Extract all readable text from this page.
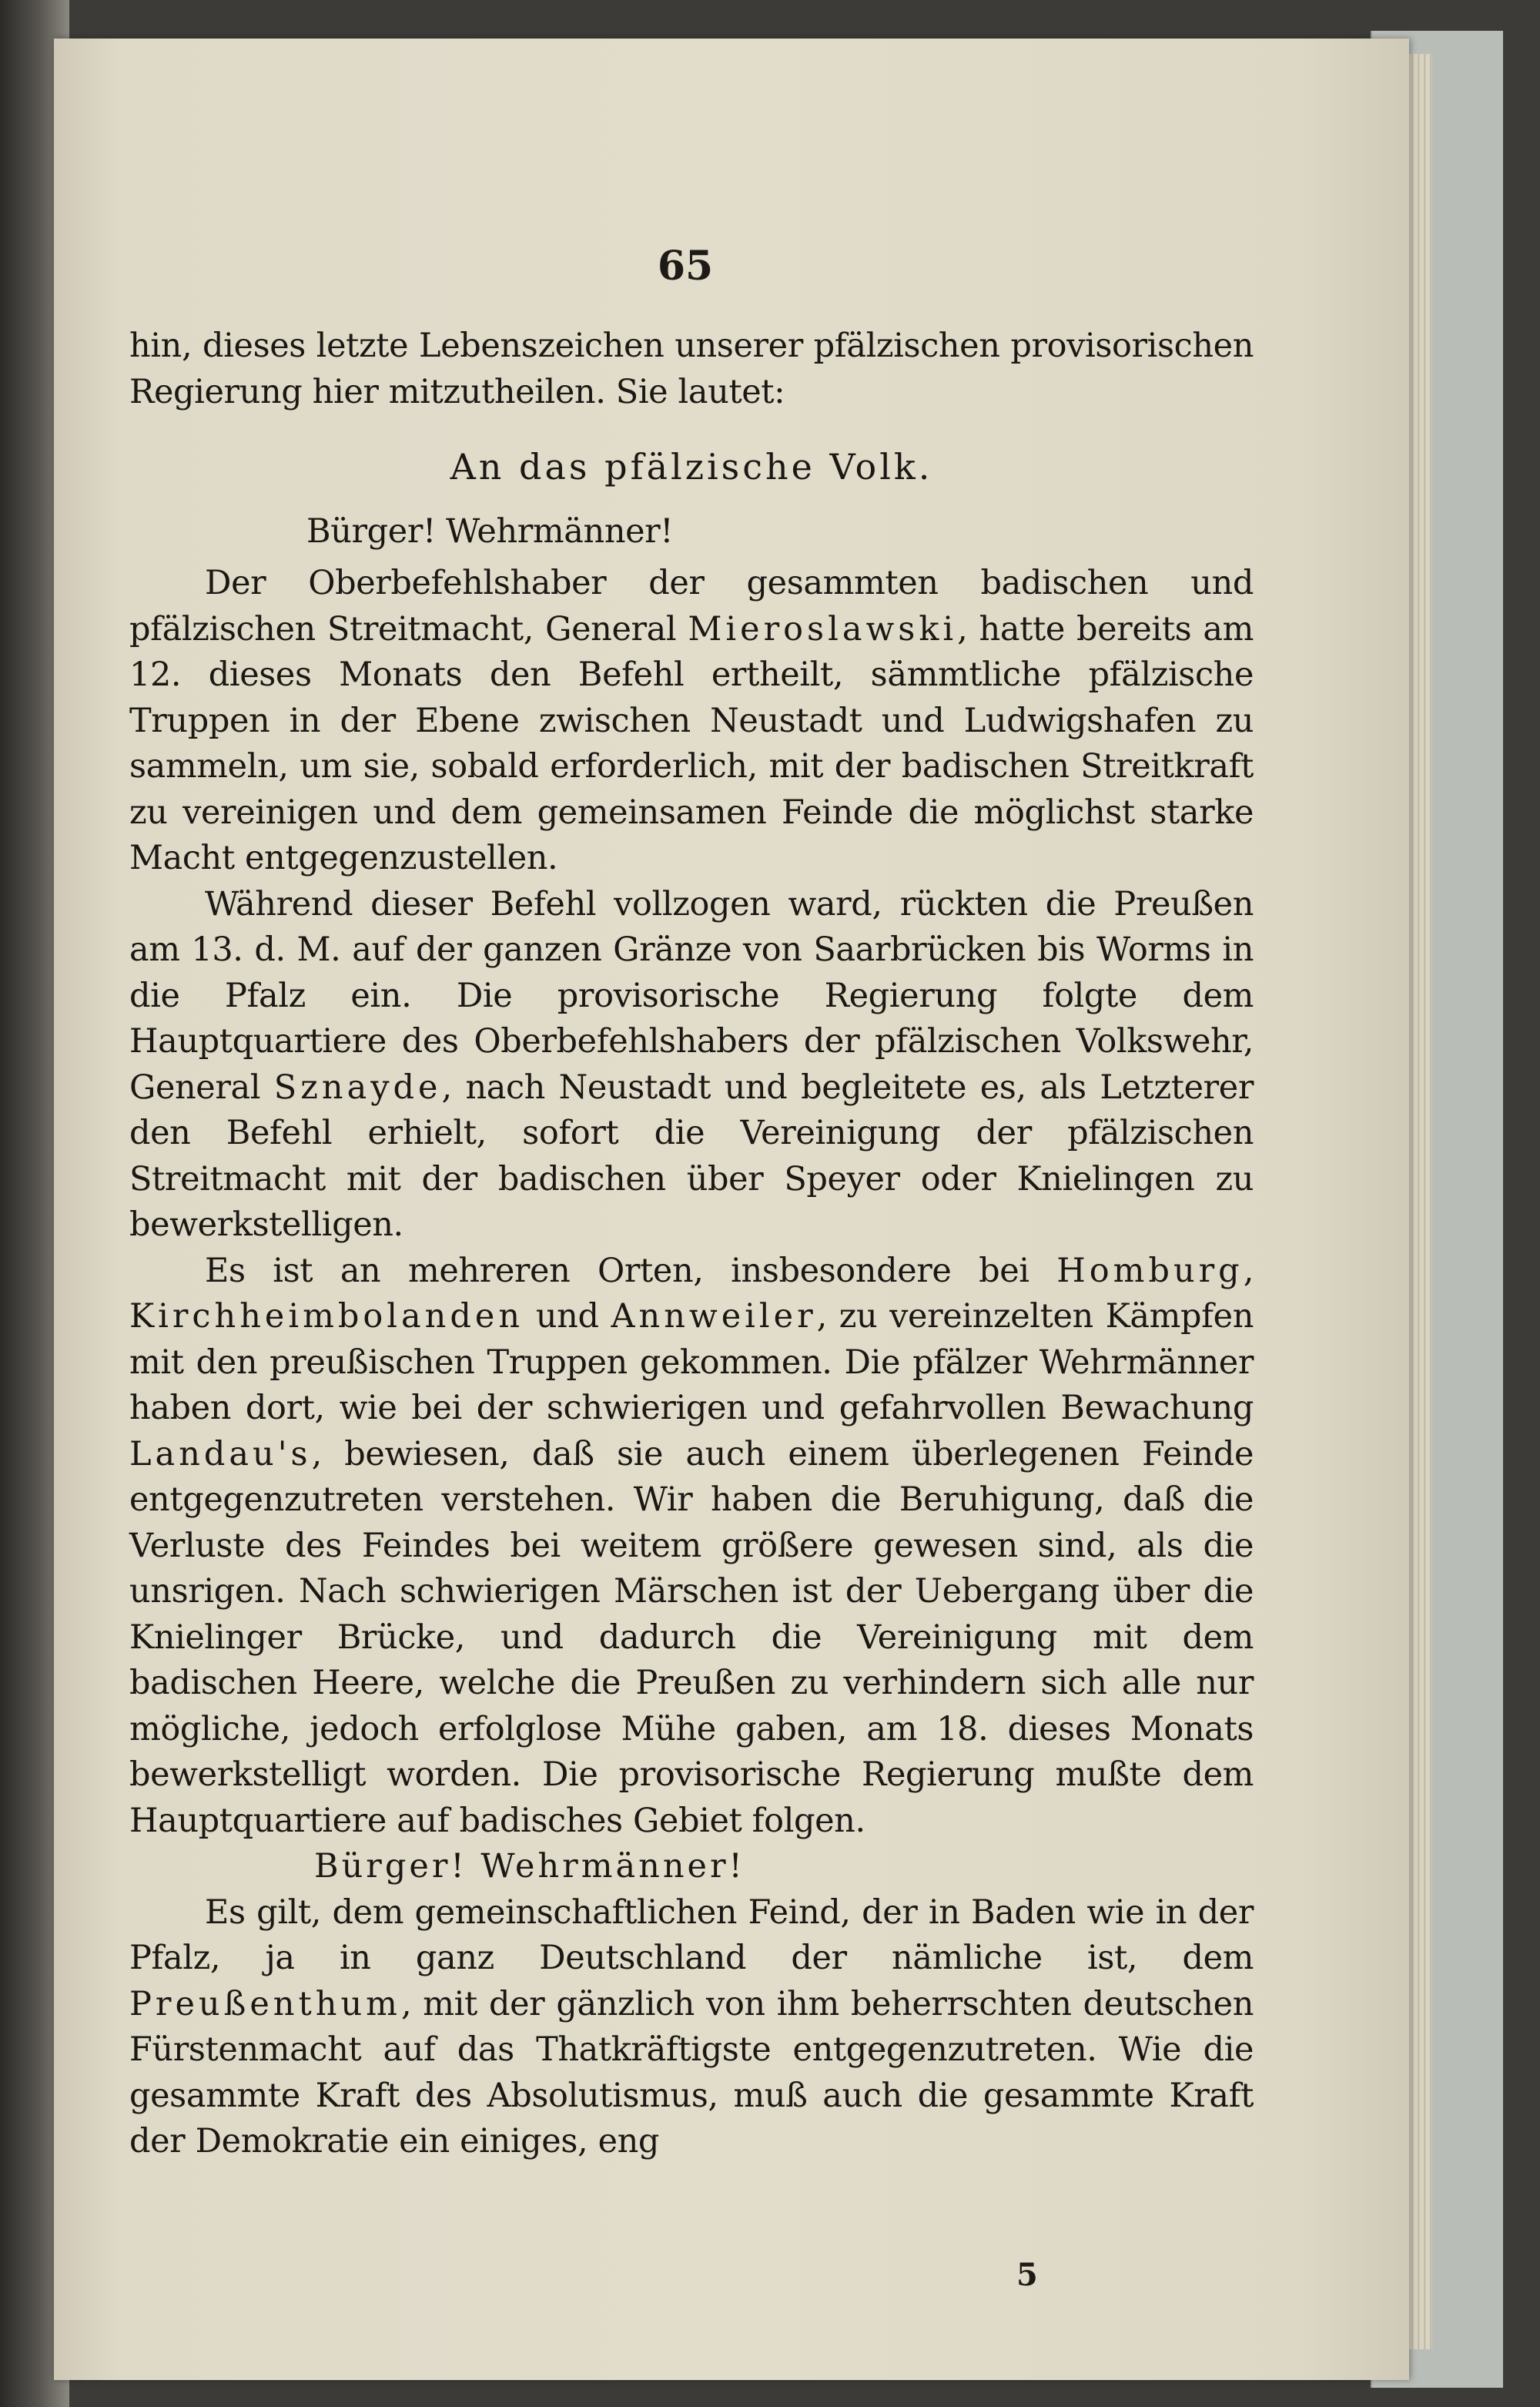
65

hin, dieses letzte Lebenszeichen unserer pfälzischen provisorischen Regierung hier mitzutheilen. Sie lautet:

An das pfälzische Volk.

Bürger! Wehrmänner!

Der Oberbefehlshaber der gesammten badischen und pfälzischen Streitmacht, General Mieroslawski, hatte bereits am 12. dieses Monats den Befehl ertheilt, sämmtliche pfälzische Truppen in der Ebene zwischen Neustadt und Ludwigshafen zu sammeln, um sie, sobald erforderlich, mit der badischen Streitkraft zu vereinigen und dem gemeinsamen Feinde die möglichst starke Macht entgegenzustellen.

Während dieser Befehl vollzogen ward, rückten die Preußen am 13. d. M. auf der ganzen Gränze von Saarbrücken bis Worms in die Pfalz ein. Die provisorische Regierung folgte dem Hauptquartiere des Oberbefehlshabers der pfälzischen Volkswehr, General Sznayde, nach Neustadt und begleitete es, als Letzterer den Befehl erhielt, sofort die Vereinigung der pfälzischen Streitmacht mit der badischen über Speyer oder Knielingen zu bewerkstelligen.

Es ist an mehreren Orten, insbesondere bei Homburg, Kirchheimbolanden und Annweiler, zu vereinzelten Kämpfen mit den preußischen Truppen gekommen. Die pfälzer Wehrmänner haben dort, wie bei der schwierigen und gefahrvollen Bewachung Landau's, bewiesen, daß sie auch einem überlegenen Feinde entgegenzutreten verstehen. Wir haben die Beruhigung, daß die Verluste des Feindes bei weitem größere gewesen sind, als die unsrigen. Nach schwierigen Märschen ist der Uebergang über die Knielinger Brücke, und dadurch die Vereinigung mit dem badischen Heere, welche die Preußen zu verhindern sich alle nur mögliche, jedoch erfolglose Mühe gaben, am 18. dieses Monats bewerkstelligt worden. Die provisorische Regierung mußte dem Hauptquartiere auf badisches Gebiet folgen.

Bürger! Wehrmänner!

Es gilt, dem gemeinschaftlichen Feind, der in Baden wie in der Pfalz, ja in ganz Deutschland der nämliche ist, dem Preußenthum, mit der gänzlich von ihm beherrschten deutschen Fürstenmacht auf das Thatkräftigste entgegenzutreten. Wie die gesammte Kraft des Absolutismus, muß auch die gesammte Kraft der Demokratie ein einiges, eng

5
